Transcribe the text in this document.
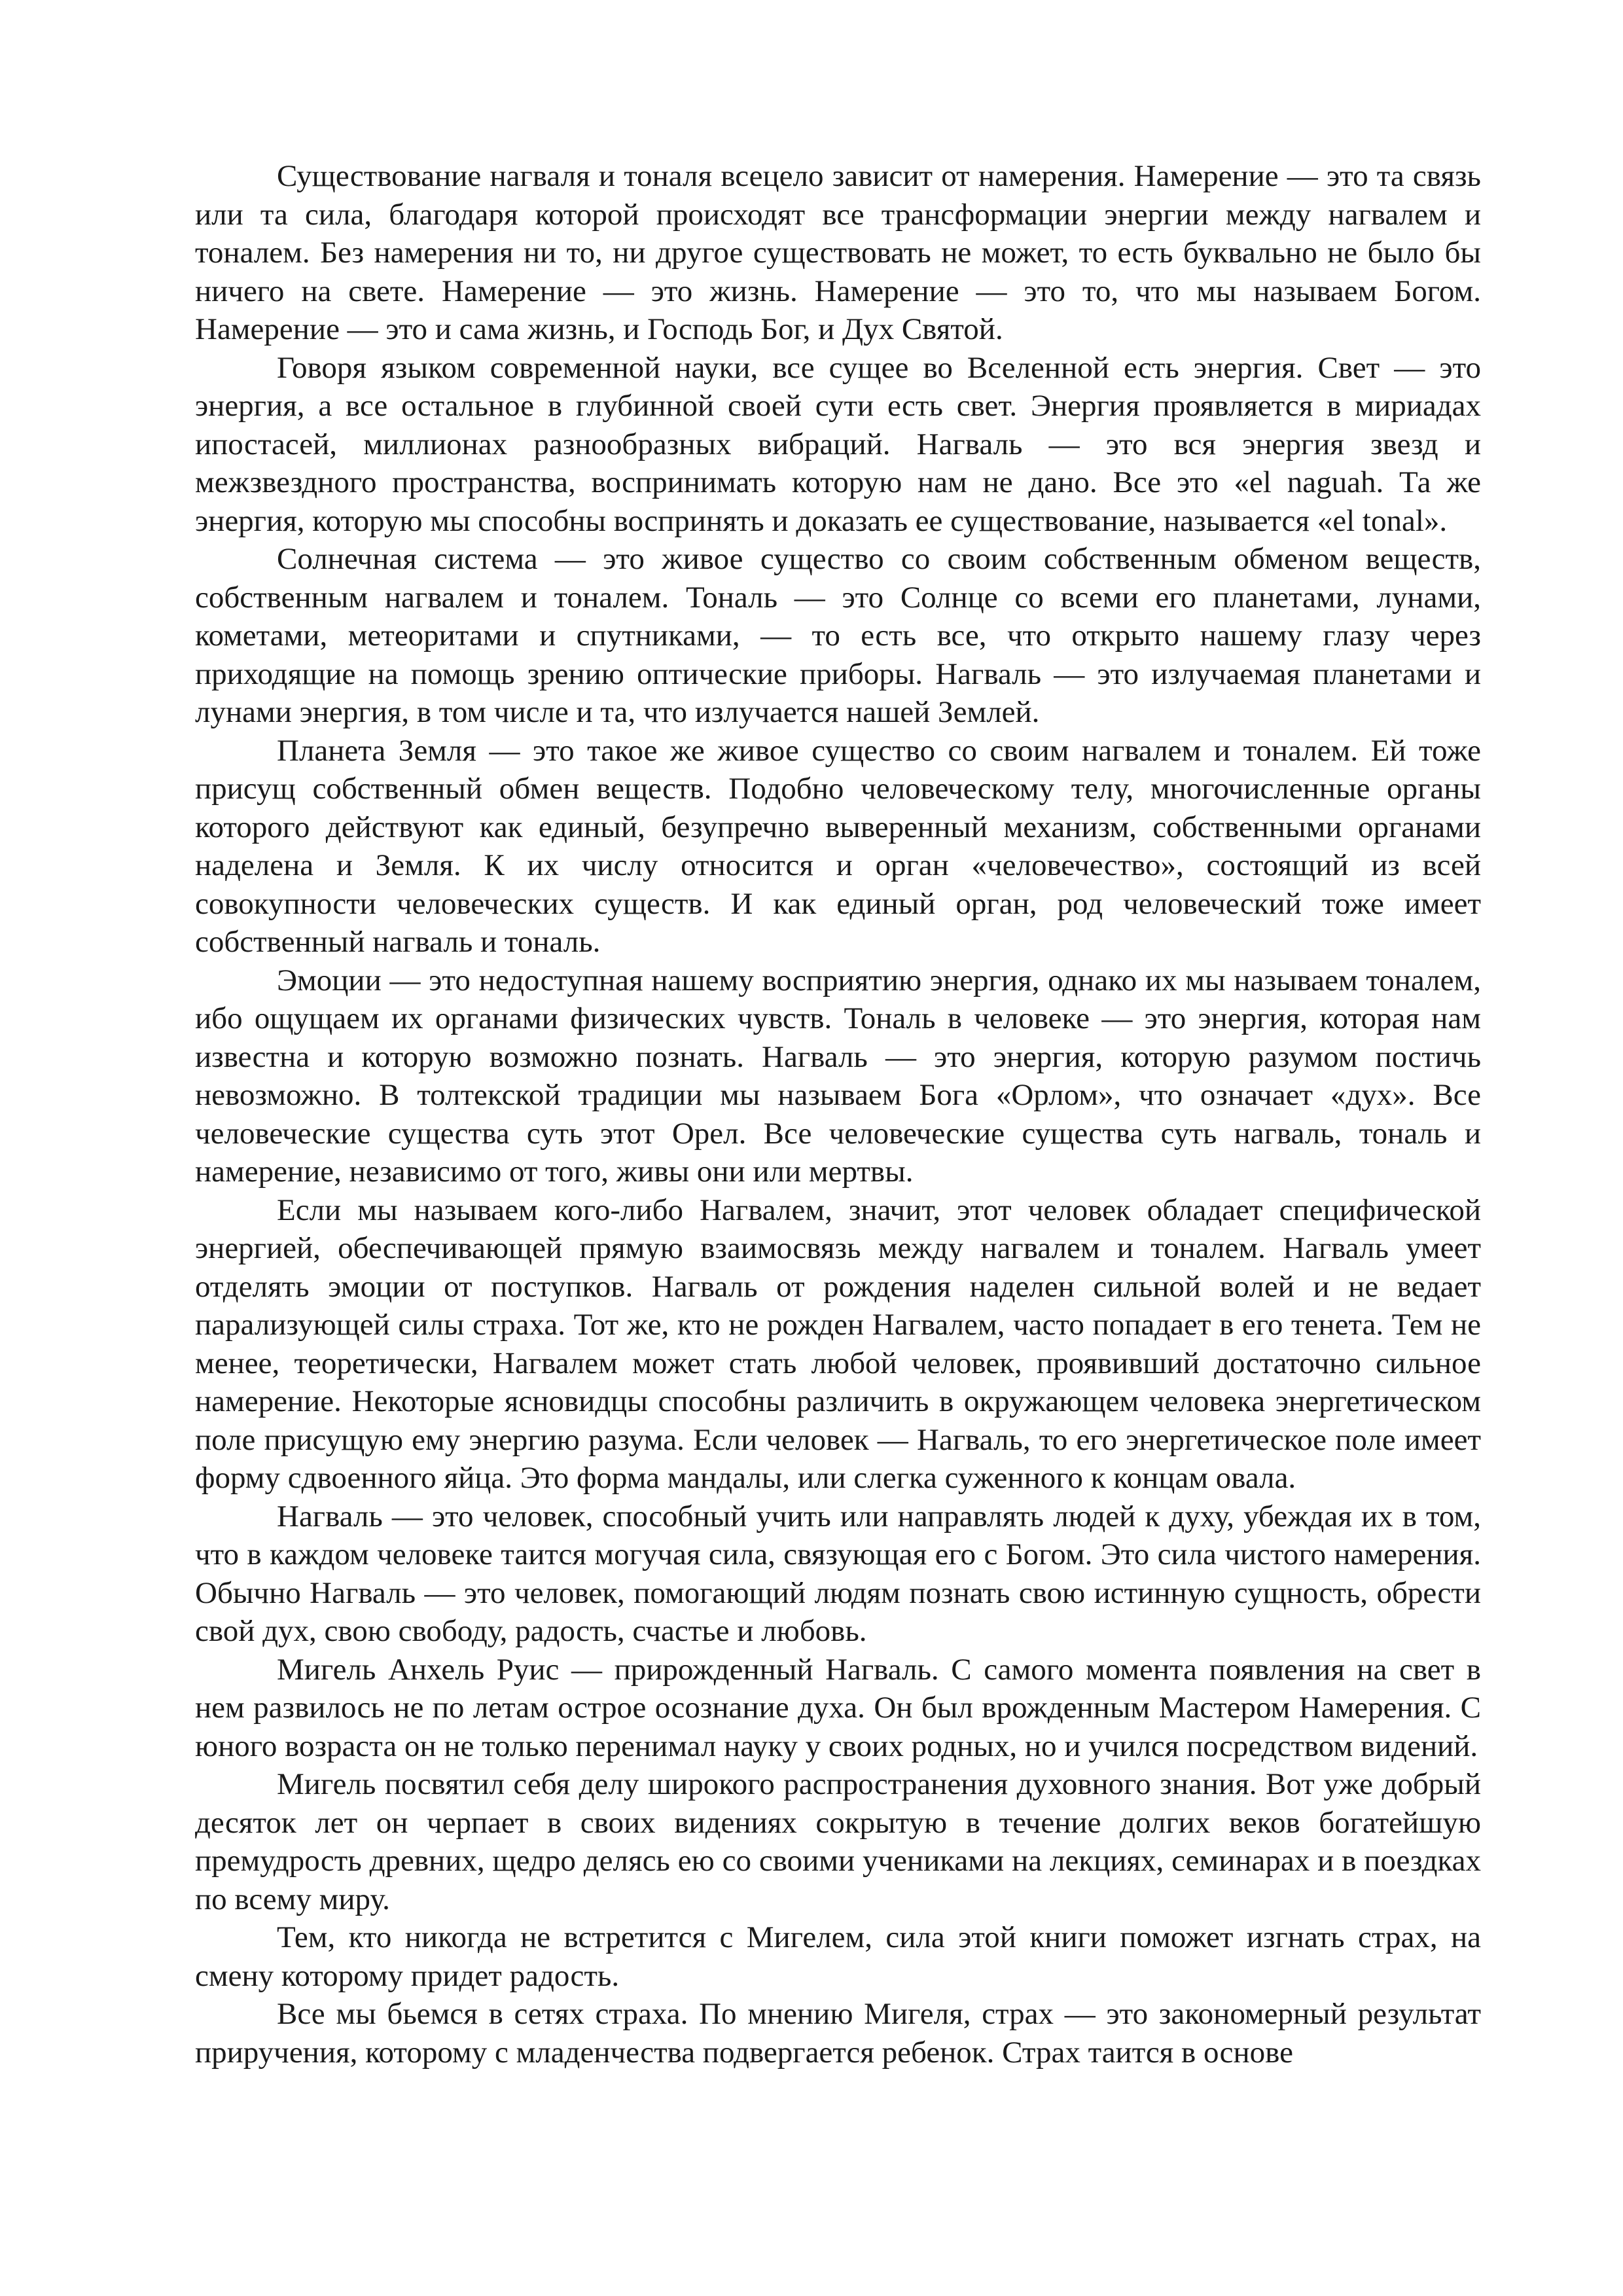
Существование нагваля и тоналя всецело зависит от намерения. Намерение — это та связь или та сила, благодаря которой происходят все трансформации энергии между нагвалем и тоналем. Без намерения ни то, ни другое существовать не может, то есть буквально не было бы ничего на свете. Намерение — это жизнь. Намерение — это то, что мы называем Богом. Намерение — это и сама жизнь, и Господь Бог, и Дух Святой.

Говоря языком современной науки, все сущее во Вселенной есть энергия. Свет — это энергия, а все остальное в глубинной своей сути есть свет. Энергия проявляется в мириадах ипостасей, миллионах разнообразных вибраций. Нагваль — это вся энергия звезд и межзвездного пространства, воспринимать которую нам не дано. Все это «el naguah. Та же энергия, которую мы способны воспринять и доказать ее существование, называется «el tonal».

Солнечная система — это живое существо со своим собственным обменом веществ, собственным нагвалем и тоналем. Тональ — это Солнце со всеми его планетами, лунами, кометами, метеоритами и спутниками, — то есть все, что открыто нашему глазу через приходящие на помощь зрению оптические приборы. Нагваль — это излучаемая планетами и лунами энергия, в том числе и та, что излучается нашей Землей.

Планета Земля — это такое же живое существо со своим нагвалем и тоналем. Ей тоже присущ собственный обмен веществ. Подобно человеческому телу, многочисленные органы которого действуют как единый, безупречно выверенный механизм, собственными органами наделена и Земля. К их числу относится и орган «человечество», состоящий из всей совокупности человеческих существ. И как единый орган, род человеческий тоже имеет собственный нагваль и тональ.

Эмоции — это недоступная нашему восприятию энергия, однако их мы называем тоналем, ибо ощущаем их органами физических чувств. Тональ в человеке — это энергия, которая нам известна и которую возможно познать. Нагваль — это энергия, которую разумом постичь невозможно. В толтекской традиции мы называем Бога «Орлом», что означает «дух». Все человеческие существа суть этот Орел. Все человеческие существа суть нагваль, тональ и намерение, независимо от того, живы они или мертвы.

Если мы называем кого-либо Нагвалем, значит, этот человек обладает специфической энергией, обеспечивающей прямую взаимосвязь между нагвалем и тоналем. Нагваль умеет отделять эмоции от поступков. Нагваль от рождения наделен сильной волей и не ведает парализующей силы страха. Тот же, кто не рожден Нагвалем, часто попадает в его тенета. Тем не менее, теоретически, Нагвалем может стать любой человек, проявивший достаточно сильное намерение. Некоторые ясновидцы способны различить в окружающем человека энергетическом поле присущую ему энергию разума. Если человек — Нагваль, то его энергетическое поле имеет форму сдвоенного яйца. Это форма мандалы, или слегка суженного к концам овала.

Нагваль — это человек, способный учить или направлять людей к духу, убеждая их в том, что в каждом человеке таится могучая сила, связующая его с Богом. Это сила чистого намерения. Обычно Нагваль — это человек, помогающий людям познать свою истинную сущность, обрести свой дух, свою свободу, радость, счастье и любовь.

Мигель Анхель Руис — прирожденный Нагваль. С самого момента появления на свет в нем развилось не по летам острое осознание духа. Он был врожденным Мастером Намерения. С юного возраста он не только перенимал науку у своих родных, но и учился посредством видений.

Мигель посвятил себя делу широкого распространения духовного знания. Вот уже добрый десяток лет он черпает в своих видениях сокрытую в течение долгих веков богатейшую премудрость древних, щедро делясь ею со своими учениками на лекциях, семинарах и в поездках по всему миру.

Тем, кто никогда не встретится с Мигелем, сила этой книги поможет изгнать страх, на смену которому придет радость.

Все мы бьемся в сетях страха. По мнению Мигеля, страх — это закономерный результат приручения, которому с младенчества подвергается ребенок. Страх таится в основе
